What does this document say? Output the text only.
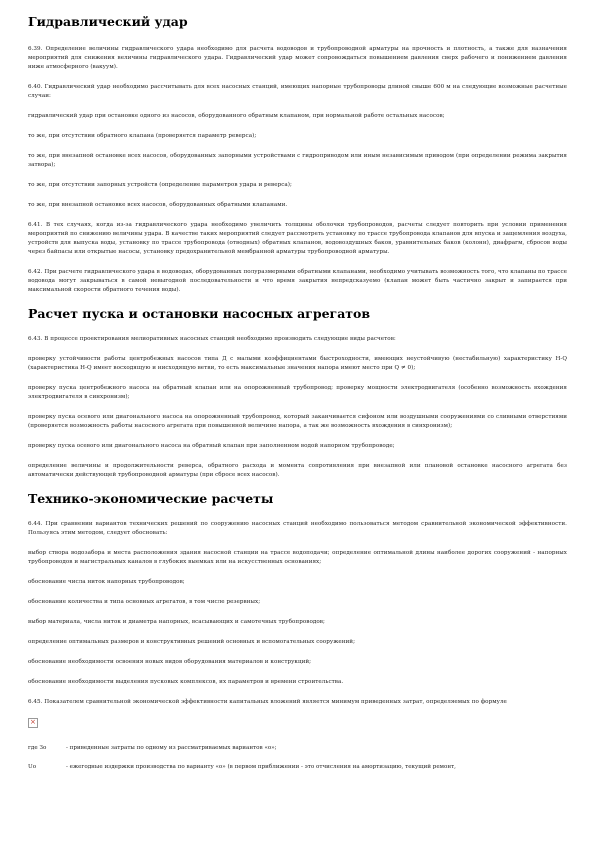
Гидравлический удар

6.39. Определение величины гидравлического удара необходимо для расчета водоводов и трубопроводной арматуры на прочность и плотность, а также для назначения мероприятий для снижения величины гидравлического удара. Гидравлический удар может сопровождаться повышением давления сверх рабочего и понижением давления ниже атмосферного (вакуум).

6.40. Гидравлический удар необходимо рассчитывать для всех насосных станций, имеющих напорные трубопроводы длиной свыше 600 м на следующие возможные расчетные случаи:

гидравлический удар при остановке одного из насосов, оборудованного обратным клапаном, при нормальной работе остальных насосов;

то же, при отсутствии обратного клапана (проверяется параметр реверса);

то же, при внезапной остановке всех насосов, оборудованных запорными устройствами с гидроприводом или иным независимым приводом (при определении режима закрытия затвора);

то же, при отсутствии запорных устройств (определение параметров удара и реверса);

то же, при внезапной остановке всех насосов, оборудованных обратными клапанами.

6.41. В тех случаях, когда из-за гидравлического удара необходимо увеличить толщины оболочки трубопроводов, расчеты следует повторить при условии применения мероприятий по снижению величины удара. В качестве таких мероприятий следует рассмотреть установку по трассе трубопровода клапанов для впуска и защемления воздуха, устройств для выпуска воды, установку по трассе трубопровода (отводных) обратных клапанов, водовоздушных баков, уравнительных баков (колонн), диафрагм, сбросов воды через байпасы или открытые насосы, установку предохранительной мембранной арматуры трубопроводной арматуры.

6.42. При расчете гидравлического удара в водоводах, оборудованных полуразмерными обратными клапанами, необходимо учитывать возможность того, что клапаны по трассе водовода могут закрываться в самой невыгодной последовательности и что время закрытия непредсказуемо (клапан может быть частично закрыт и запирается при максимальной скорости обратного течения воды).

Расчет пуска и остановки насосных агрегатов

6.43. В процессе проектирования мелиоративных насосных станций необходимо производить следующие виды расчетов:

проверку устойчивости работы центробежных насосов типа Д с малыми коэффициентами быстроходности, имеющих неустойчивую (нестабильную) характеристику H-Q (характеристика H-Q имеет восходящую и нисходящую ветви, то есть максимальные значения напора имеют место при Q ≠ 0);

проверку пуска центробежного насоса на обратный клапан или на опорожненный трубопровод; проверку мощности электродвигателя (особенно возможность вхождения электродвигателя в синхронизм);

проверку пуска осевого или диагонального насоса на опорожненный трубопровод, который заканчивается сифоном или воздушными сооружениями со сливными отверстиями (проверяется возможность работы насосного агрегата при повышенной величине напора, а так же возможность вхождения в синхронизм);

проверку пуска осевого или диагонального насоса на обратный клапан при заполненном водой напорном трубопроводе;

определение величины и продолжительности реверса, обратного расхода и момента сопротивления при внезапной или плановой остановке насосного агрегата без автоматически действующей трубопроводной арматуры (при сбросе всех насосов).

Технико-экономические расчеты

6.44. При сравнении вариантов технических решений по сооружению насосных станций необходимо пользоваться методом сравнительной экономической эффективности. Пользуясь этим методом, следует обосновать:

выбор створа водозабора и места расположения здания насосной станции на трассе водоподачи; определение оптимальной длины наиболее дорогих сооружений - напорных трубопроводов и магистральных каналов в глубоких выемках или на искусственных основаниях;

обоснование числа ниток напорных трубопроводов;

обоснование количества и типа основных агрегатов, в том числе резервных;

выбор материала, числа ниток и диаметра напорных, всасывающих и самотечных трубопроводов;

определение оптимальных размеров и конструктивных решений основных и вспомогательных сооружений;

обоснование необходимости освоения новых видов оборудования материалов и конструкций;

обоснование необходимости выделения пусковых комплексов, их параметров и времени строительства.

6.45. Показателем сравнительной экономической эффективности капитальных вложений является минимум приведенных затрат, определяемых по формуле

×
где Зо	- приведенные затраты по одному из рассматриваемых вариантов «о»;
Uо	- ежегодные издержки производства по варианту «о» (в первом приближении - это отчисления на амортизацию, текущий ремонт,
